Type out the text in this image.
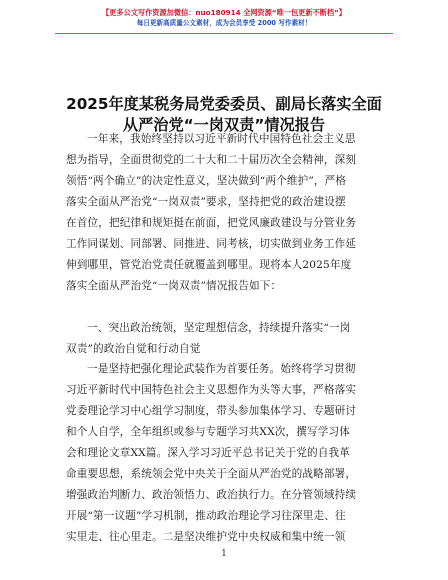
【更多公文写作资源加微信：nuo180914 全网资源“唯一包更新不断档”】
每日更新高质量公文素材，成为会员享受 2000 写作素材！
2025年度某税务局党委委员、副局长落实全面
从严治党“一岗双责”情况报告
一年来，我始终坚持以习近平新时代中国特色社会主义思
想为指导，全面贯彻党的二十大和二十届历次全会精神，深刻
领悟“两个确立”的决定性意义，坚决做到“两个维护”，严格
落实全面从严治党“一岗双责”要求，坚持把党的政治建设摆
在首位，把纪律和规矩挺在前面，把党风廉政建设与分管业务
工作同谋划、同部署、同推进、同考核，切实做到业务工作延
伸到哪里，管党治党责任就覆盖到哪里。现将本人2025年度
落实全面从严治党“一岗双责”情况报告如下：
一、突出政治统领，坚定理想信念，持续提升落实“一岗
双责”的政治自觉和行动自觉
一是坚持把强化理论武装作为首要任务。始终将学习贯彻
习近平新时代中国特色社会主义思想作为头等大事，严格落实
党委理论学习中心组学习制度，带头参加集体学习、专题研讨
和个人自学，全年组织或参与专题学习共XX次，撰写学习体
会和理论文章XX篇。深入学习习近平总书记关于党的自我革
命重要思想，系统领会党中央关于全面从严治党的战略部署，
增强政治判断力、政治领悟力、政治执行力。在分管领域持续
开展“第一议题”学习机制，推动政治理论学习往深里走、往
实里走、往心里走。二是坚决维护党中央权威和集中统一领
1
